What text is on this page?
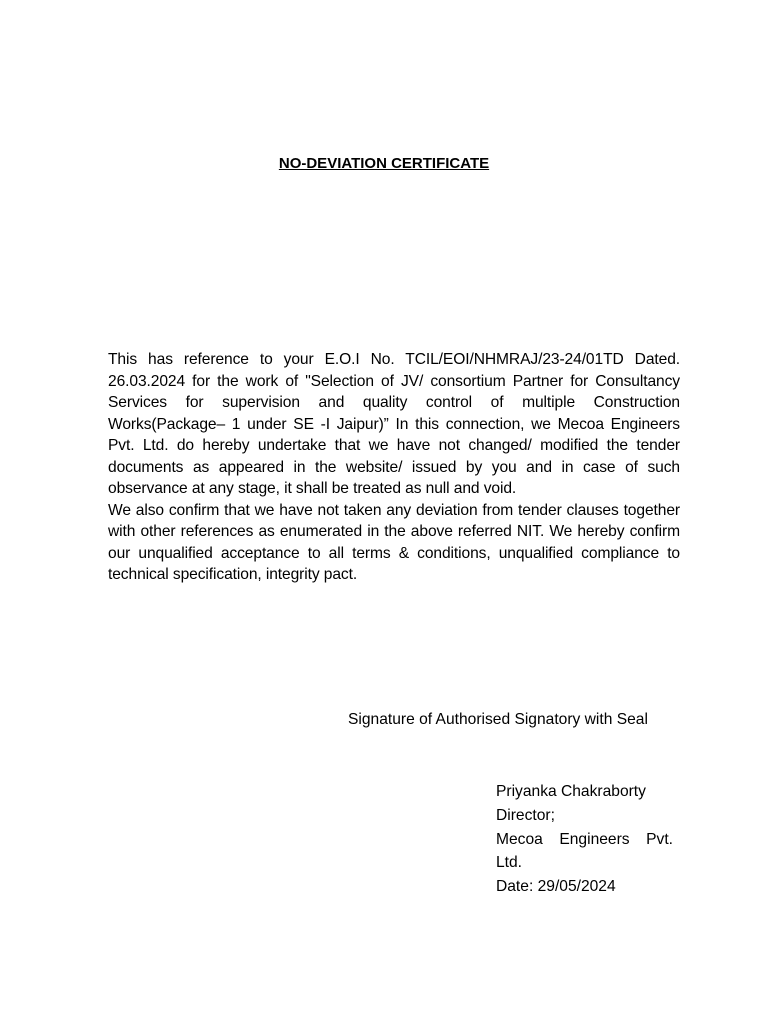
NO-DEVIATION CERTIFICATE

This has reference to your E.O.I No. TCIL/EOI/NHMRAJ/23-24/01TD Dated. 26.03.2024 for the work of "Selection of JV/ consortium Partner for Consultancy Services for supervision and quality control of multiple Construction Works(Package– 1 under SE -I Jaipur)” In this connection, we Mecoa Engineers Pvt. Ltd. do hereby undertake that we have not changed/ modified the tender documents as appeared in the website/ issued by you and in case of such observance at any stage, it shall be treated as null and void.

We also confirm that we have not taken any deviation from tender clauses together with other references as enumerated in the above referred NIT. We hereby confirm our unqualified acceptance to all terms & conditions, unqualified compliance to technical specification, integrity pact.

Signature of Authorised Signatory with Seal
Priyanka Chakraborty
Director;
Mecoa Engineers Pvt. Ltd.
Date: 29/05/2024
